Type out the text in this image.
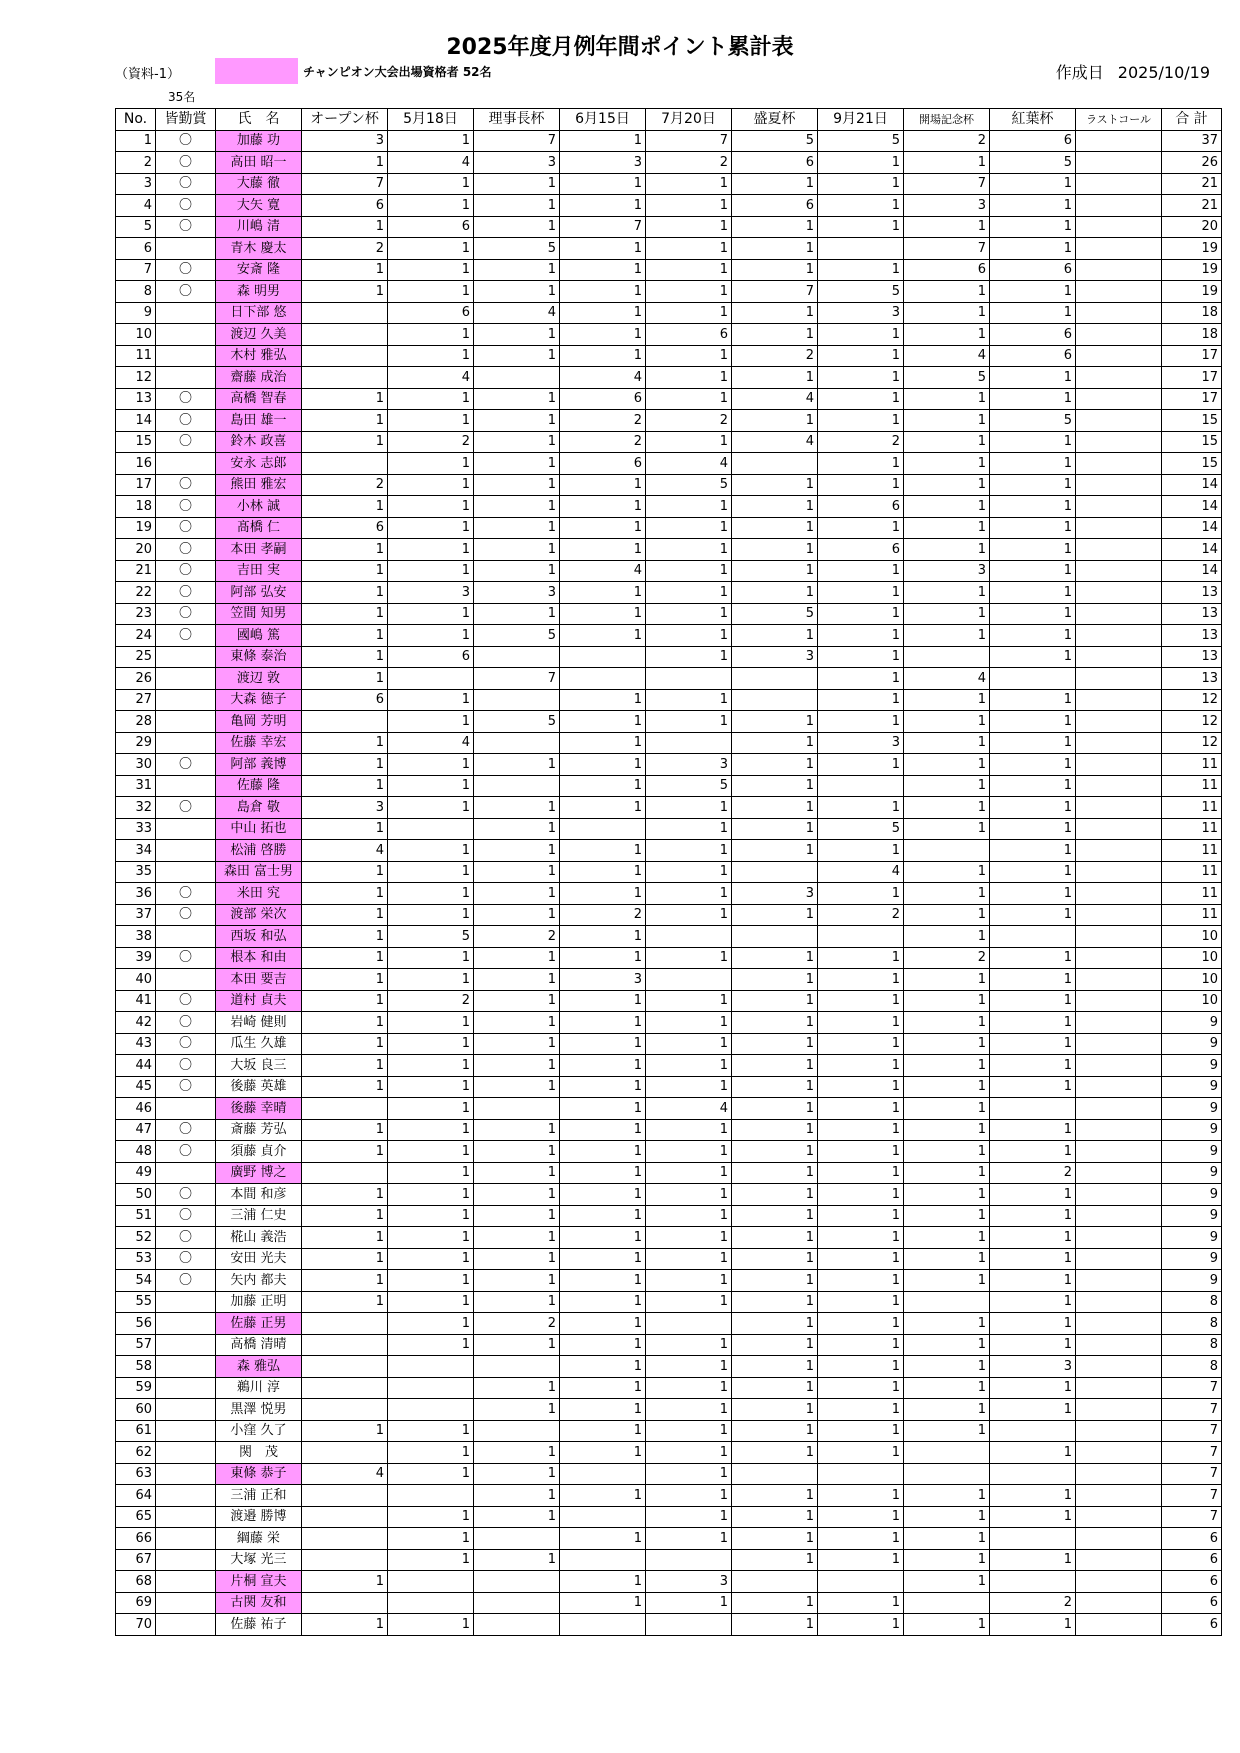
2025年度月例年間ポイント累計表
（資料-1）	チャンピオン大会出場資格者 52名	作成日 2025/10/19
35名
No.	皆勤賞	氏　名	オープン杯	5月18日	理事長杯	6月15日	7月20日	盛夏杯	9月21日	開場記念杯	紅葉杯	ラストコール	合 計
1	〇	加藤 功	3	1	7	1	7	5	5	2	6		37
2	〇	高田 昭一	1	4	3	3	2	6	1	1	5		26
3	〇	大藤 徹	7	1	1	1	1	1	1	7	1		21
4	〇	大矢 寛	6	1	1	1	1	6	1	3	1		21
5	〇	川嶋 清	1	6	1	7	1	1	1	1	1		20
6		青木 慶太	2	1	5	1	1	1		7	1		19
7	〇	安斎 隆	1	1	1	1	1	1	1	6	6		19
8	〇	森 明男	1	1	1	1	1	7	5	1	1		19
9		日下部 悠		6	4	1	1	1	3	1	1		18
10		渡辺 久美		1	1	1	6	1	1	1	6		18
11		木村 雅弘		1	1	1	1	2	1	4	6		17
12		齋藤 成治		4		4	1	1	1	5	1		17
13	〇	高橋 智春	1	1	1	6	1	4	1	1	1		17
14	〇	島田 雄一	1	1	1	2	2	1	1	1	5		15
15	〇	鈴木 政喜	1	2	1	2	1	4	2	1	1		15
16		安永 志郎		1	1	6	4		1	1	1		15
17	〇	熊田 雅宏	2	1	1	1	5	1	1	1	1		14
18	〇	小林 誠	1	1	1	1	1	1	6	1	1		14
19	〇	髙橋 仁	6	1	1	1	1	1	1	1	1		14
20	〇	本田 孝嗣	1	1	1	1	1	1	6	1	1		14
21	〇	吉田 実	1	1	1	4	1	1	1	3	1		14
22	〇	阿部 弘安	1	3	3	1	1	1	1	1	1		13
23	〇	笠間 知男	1	1	1	1	1	5	1	1	1		13
24	〇	國嶋 篤	1	1	5	1	1	1	1	1	1		13
25		東條 泰治	1	6			1	3	1		1		13
26		渡辺 敦	1		7				1	4			13
27		大森 徳子	6	1		1	1		1	1	1		12
28		亀岡 芳明		1	5	1	1	1	1	1	1		12
29		佐藤 幸宏	1	4		1		1	3	1	1		12
30	〇	阿部 義博	1	1	1	1	3	1	1	1	1		11
31		佐藤 隆	1	1		1	5	1		1	1		11
32	〇	島倉 敬	3	1	1	1	1	1	1	1	1		11
33		中山 拓也	1		1		1	1	5	1	1		11
34		松浦 啓勝	4	1	1	1	1	1	1		1		11
35		森田 富士男	1	1	1	1	1		4	1	1		11
36	〇	米田 究	1	1	1	1	1	3	1	1	1		11
37	〇	渡部 栄次	1	1	1	2	1	1	2	1	1		11
38		西坂 和弘	1	5	2	1				1			10
39	〇	根本 和由	1	1	1	1	1	1	1	2	1		10
40		本田 要吉	1	1	1	3		1	1	1	1		10
41	〇	道村 貞夫	1	2	1	1	1	1	1	1	1		10
42	〇	岩崎 健則	1	1	1	1	1	1	1	1	1		9
43	〇	瓜生 久雄	1	1	1	1	1	1	1	1	1		9
44	〇	大坂 良三	1	1	1	1	1	1	1	1	1		9
45	〇	後藤 英雄	1	1	1	1	1	1	1	1	1		9
46		後藤 幸晴		1		1	4	1	1	1			9
47	〇	斎藤 芳弘	1	1	1	1	1	1	1	1	1		9
48	〇	須藤 貞介	1	1	1	1	1	1	1	1	1		9
49		廣野 博之		1	1	1	1	1	1	1	2		9
50	〇	本間 和彦	1	1	1	1	1	1	1	1	1		9
51	〇	三浦 仁史	1	1	1	1	1	1	1	1	1		9
52	〇	椛山 義浩	1	1	1	1	1	1	1	1	1		9
53	〇	安田 光夫	1	1	1	1	1	1	1	1	1		9
54	〇	矢内 都夫	1	1	1	1	1	1	1	1	1		9
55		加藤 正明	1	1	1	1	1	1	1		1		8
56		佐藤 正男		1	2	1		1	1	1	1		8
57		高橋 清晴		1	1	1	1	1	1	1	1		8
58		森 雅弘				1	1	1	1	1	3		8
59		鵜川 淳			1	1	1	1	1	1	1		7
60		黒澤 悦男			1	1	1	1	1	1	1		7
61		小窪 久了	1	1		1	1	1	1	1			7
62		関　茂		1	1	1	1	1	1		1		7
63		東條 恭子	4	1	1		1						7
64		三浦 正和			1	1	1	1	1	1	1		7
65		渡邉 勝博		1	1		1	1	1	1	1		7
66		綱藤 栄		1		1	1	1	1	1			6
67		大塚 光三		1	1			1	1	1	1		6
68		片桐 宣夫	1			1	3			1			6
69		古関 友和				1	1	1	1		2		6
70		佐藤 祐子	1	1				1	1	1	1		6
